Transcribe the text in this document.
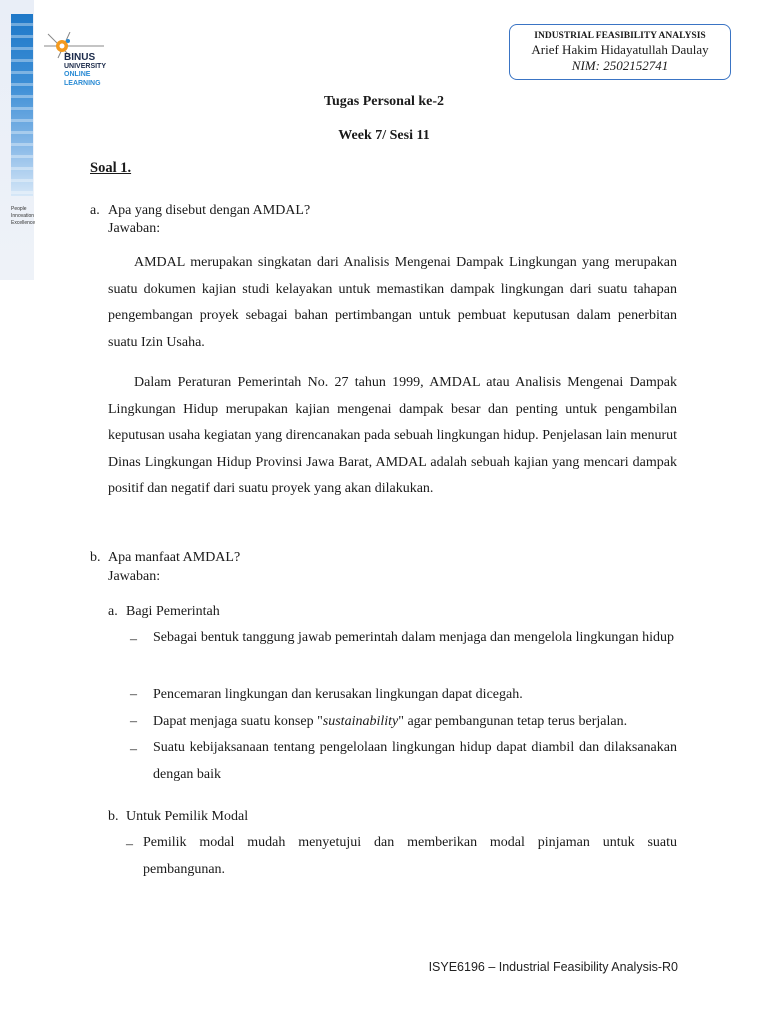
People
Innovation
Excellence
BINUS
UNIVERSITY
ONLINE
LEARNING
INDUSTRIAL FEASIBILITY ANALYSIS
Arief Hakim Hidayatullah Daulay
NIM: 2502152741
Tugas Personal ke-2
Week 7/ Sesi 11
Soal 1.
a. Apa yang disebut dengan AMDAL?
Jawaban:
AMDAL merupakan singkatan dari Analisis Mengenai Dampak Lingkungan yang merupakan suatu dokumen kajian studi kelayakan untuk memastikan dampak lingkungan dari suatu tahapan pengembangan proyek sebagai bahan pertimbangan untuk pembuat keputusan dalam penerbitan suatu Izin Usaha.
Dalam Peraturan Pemerintah No. 27 tahun 1999, AMDAL atau Analisis Mengenai Dampak Lingkungan Hidup merupakan kajian mengenai dampak besar dan penting untuk pengambilan keputusan usaha kegiatan yang direncanakan pada sebuah lingkungan hidup. Penjelasan lain menurut Dinas Lingkungan Hidup Provinsi Jawa Barat, AMDAL adalah sebuah kajian yang mencari dampak positif dan negatif dari suatu proyek yang akan dilakukan.
b. Apa manfaat AMDAL?
Jawaban:
a. Bagi Pemerintah
– Sebagai bentuk tanggung jawab pemerintah dalam menjaga dan mengelola lingkungan hidup
– Pencemaran lingkungan dan kerusakan lingkungan dapat dicegah.
– Dapat menjaga suatu konsep "sustainability" agar pembangunan tetap terus berjalan.
– Suatu kebijaksanaan tentang pengelolaan lingkungan hidup dapat diambil dan dilaksanakan dengan baik
b. Untuk Pemilik Modal
– Pemilik modal mudah menyetujui dan memberikan modal pinjaman untuk suatu pembangunan.
ISYE6196 – Industrial Feasibility Analysis-R0
